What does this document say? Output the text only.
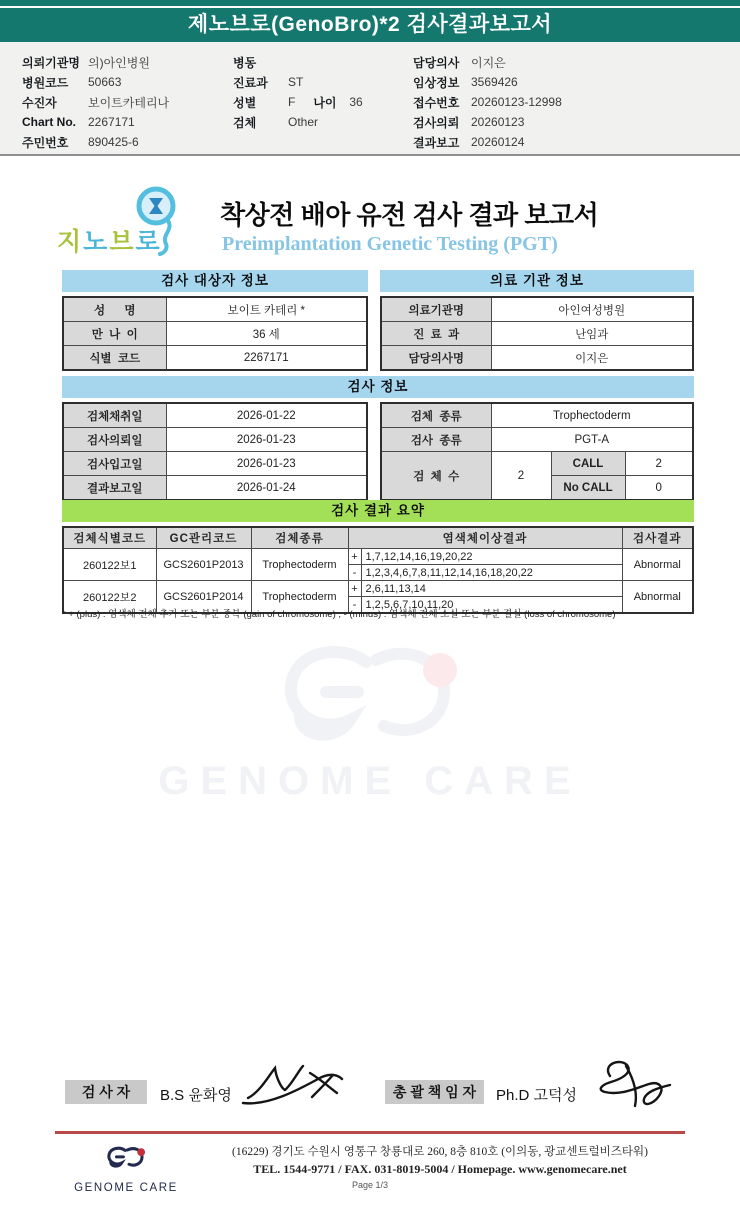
제노브로(GenoBro)*2 검사결과보고서
의뢰기관명 의)아인병원
병원코드	50663
수진자	보이트카테리나
Chart No.	2267171
주민번호	890425-6
병동
진료과	ST
성별	F 나이	36
검체	Other
담당의사 이지은
임상정보 3569426
접수번호 20260123-12998
검사의뢰 20260123
결과보고 20260124
지노브로
착상전 배아 유전 검사 결과 보고서
Preimplantation Genetic Testing (PGT)
검사 대상자 정보	의료 기관 정보
성      명	보이트 카테리 *
만  나  이	36 세
식별  코드	2267171
의료기관명	아인여성병원
진  료  과	난임과
담당의사명	이지은
검사 정보
검체채취일	2026-01-22
검사의뢰일	2026-01-23
검사입고일	2026-01-23
결과보고일	2026-01-24
검체  종류	Trophectoderm		
검사  종류	PGT-A		
검  체  수	2	CALL	2
		No CALL	0
검사 결과 요약
검체식별코드	GC관리코드	검체종류	염색체이상결과		검사결과
260122보1	GCS2601P2013	Trophectoderm	+	1,7,12,14,16,19,20,22	Abnormal
			-	1,2,3,4,6,7,8,11,12,14,16,18,20,22	
260122보2	GCS2601P2014	Trophectoderm	+	2,6,11,13,14	Abnormal
			-	1,2,5,6,7,10,11,20	
* + (plus) : 염색체 전체 추가 또는 부분 중복 (gain of chromosome) , - (minus) : 염색체 전체 소실 또는 부분 결실 (loss of chromosome)
GENOME CARE
검 사 자	B.S 윤화영	총 괄 책 임 자	Ph.D 고덕성
GENOME CARE
(16229) 경기도 수원시 영통구 창룡대로 260, 8층 810호 (이의동, 광교센트럴비즈타워)
TEL. 1544-9771 / FAX. 031-8019-5004 / Homepage. www.genomecare.net
Page 1/3
